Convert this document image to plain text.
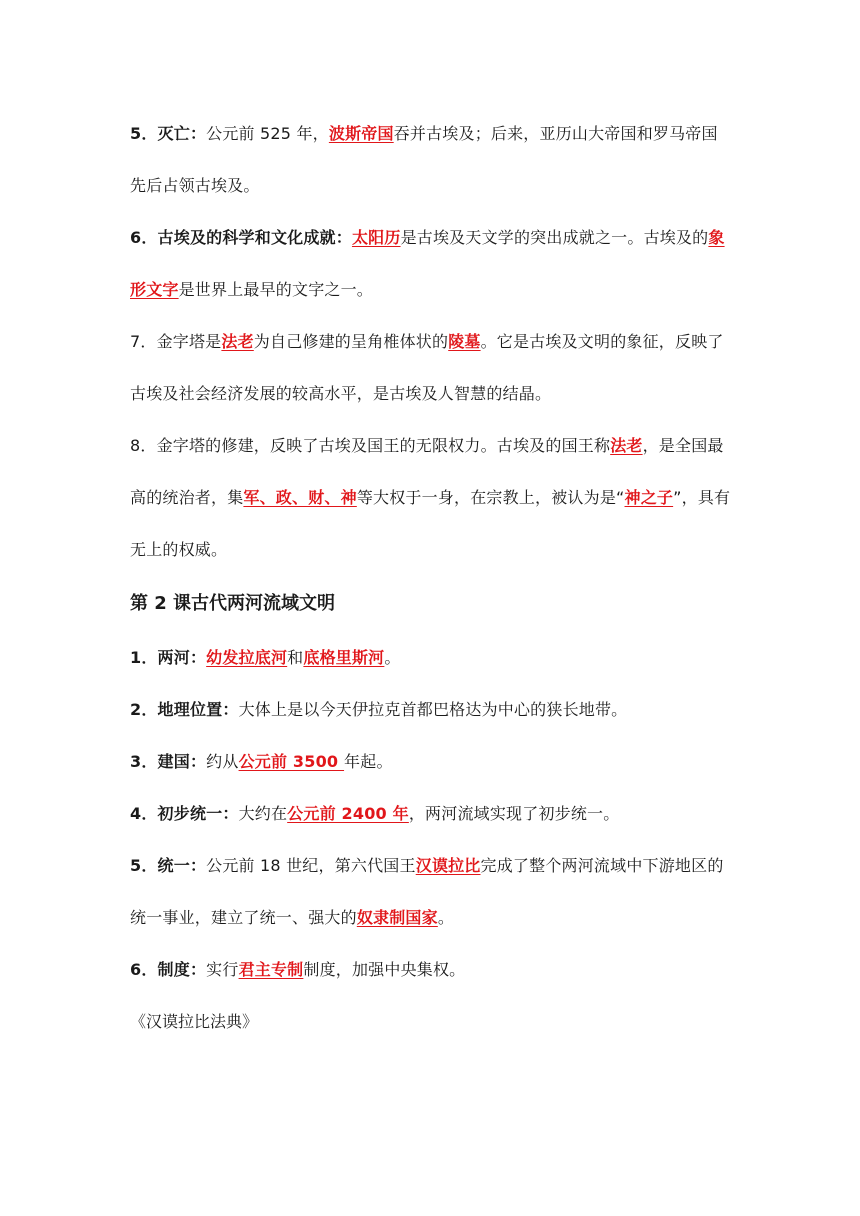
5．灭亡：公元前 525 年，波斯帝国吞并古埃及；后来，亚历山大帝国和罗马帝国先后占领古埃及。

6．古埃及的科学和文化成就：太阳历是古埃及天文学的突出成就之一。古埃及的象形文字是世界上最早的文字之一。

7．金字塔是法老为自己修建的呈角椎体状的陵墓。它是古埃及文明的象征，反映了古埃及社会经济发展的较高水平，是古埃及人智慧的结晶。

8．金字塔的修建，反映了古埃及国王的无限权力。古埃及的国王称法老，是全国最高的统治者，集军、政、财、神等大权于一身，在宗教上，被认为是“神之子”，具有无上的权威。

第 2 课古代两河流域文明

1．两河：幼发拉底河和底格里斯河。

2．地理位置：大体上是以今天伊拉克首都巴格达为中心的狭长地带。

3．建国：约从公元前 3500 年起。

4．初步统一：大约在公元前 2400 年，两河流域实现了初步统一。

5．统一：公元前 18 世纪，第六代国王汉谟拉比完成了整个两河流域中下游地区的统一事业，建立了统一、强大的奴隶制国家。

6．制度：实行君主专制制度，加强中央集权。

《汉谟拉比法典》
